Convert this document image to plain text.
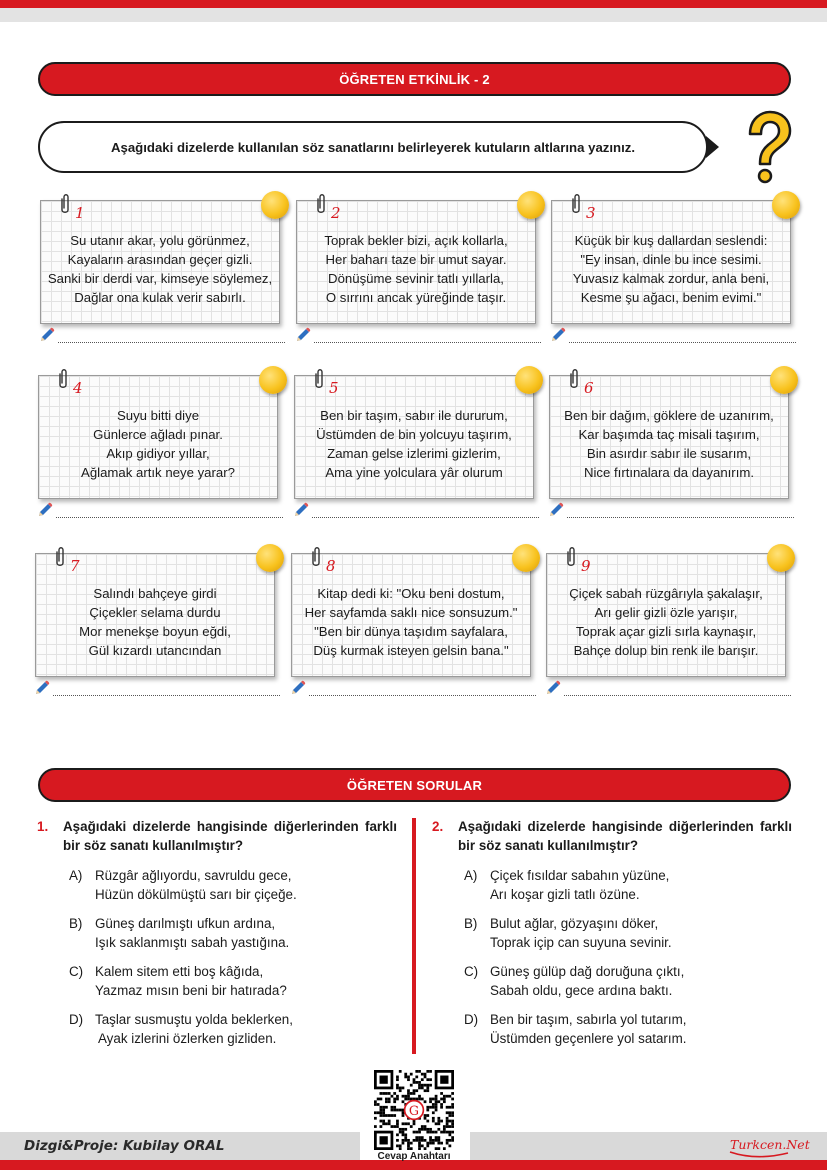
ÖĞRETEN ETKİNLİK - 2
Aşağıdaki dizelerde kullanılan söz sanatlarını belirleyerek kutuların altlarına yazınız.
1
Su utanır akar, yolu görünmez,
Kayaların arasından geçer gizli.
Sanki bir derdi var, kimseye söylemez,
Dağlar ona kulak verir sabırlı.
2
Toprak bekler bizi, açık kollarla,
Her baharı taze bir umut sayar.
Dönüşüme sevinir tatlı yıllarla,
O sırrını ancak yüreğinde taşır.
3
Küçük bir kuş dallardan seslendi:
"Ey insan, dinle bu ince sesimi.
Yuvasız kalmak zordur, anla beni,
Kesme şu ağacı, benim evimi."
4
Suyu bitti diye
Günlerce ağladı pınar.
Akıp gidiyor yıllar,
Ağlamak artık neye yarar?
5
Ben bir taşım, sabır ile dururum,
Üstümden de bin yolcuyu taşırım,
Zaman gelse izlerimi gizlerim,
Ama yine yolculara yâr olurum
6
Ben bir dağım, göklere de uzanırım,
Kar başımda taç misali taşırım,
Bin asırdır sabır ile susarım,
Nice fırtınalara da dayanırım.
7
Salındı bahçeye girdi
Çiçekler selama durdu
Mor menekşe boyun eğdi,
Gül kızardı utancından
8
Kitap dedi ki: "Oku beni dostum,
Her sayfamda saklı nice sonsuzum."
"Ben bir dünya taşıdım sayfalara,
Düş kurmak isteyen gelsin bana."
9
Çiçek sabah rüzgârıyla şakalaşır,
Arı gelir gizli özle yarışır,
Toprak açar gizli sırla kaynaşır,
Bahçe dolup bin renk ile barışır.
ÖĞRETEN SORULAR
1. Aşağıdaki dizelerde hangisinde diğerlerinden farklı bir söz sanatı kullanılmıştır?
A) Rüzgâr ağlıyordu, savruldu gece,
Hüzün dökülmüştü sarı bir çiçeğe.
B) Güneş darılmıştı ufkun ardına,
Işık saklanmıştı sabah yastığına.
C) Kalem sitem etti boş kâğıda,
Yazmaz mısın beni bir hatırada?
D) Taşlar susmuştu yolda beklerken,
Ayak izlerini özlerken gizliden.
2. Aşağıdaki dizelerde hangisinde diğerlerinden farklı bir söz sanatı kullanılmıştır?
A) Çiçek fısıldar sabahın yüzüne,
Arı koşar gizli tatlı özüne.
B) Bulut ağlar, gözyaşını döker,
Toprak içip can suyuna sevinir.
C) Güneş gülüp dağ doruğuna çıktı,
Sabah oldu, gece ardına baktı.
D) Ben bir taşım, sabırla yol tutarım,
Üstümden geçenlere yol satarım.
G
Cevap Anahtarı
Dizgi&Proje: Kubilay ORAL	Turkcen.Net
